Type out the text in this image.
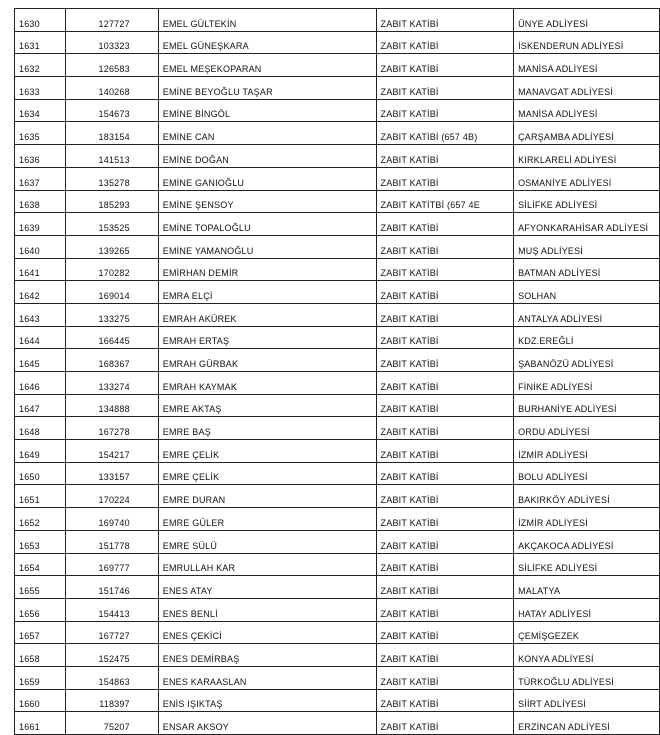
1630	127727	EMEL GÜLTEKİN	ZABIT KATİBİ	ÜNYE ADLİYESİ
1631	103323	EMEL GÜNEŞKARA	ZABIT KATİBİ	İSKENDERUN ADLİYESİ
1632	126583	EMEL MEŞEKOPARAN	ZABIT KATİBİ	MANİSA ADLİYESİ
1633	140268	EMİNE BEYOĞLU TAŞAR	ZABIT KATİBİ	MANAVGAT ADLİYESİ
1634	154673	EMİNE BİNGÖL	ZABIT KATİBİ	MANİSA ADLİYESİ
1635	183154	EMİNE CAN	ZABIT KATİBİ (657 4B)	ÇARŞAMBA ADLİYESİ
1636	141513	EMİNE DOĞAN	ZABIT KATİBİ	KIRKLARELİ ADLİYESİ
1637	135278	EMİNE GANIOĞLU	ZABIT KATİBİ	OSMANİYE ADLİYESİ
1638	185293	EMİNE ŞENSOY	ZABIT KATİTBİ (657 4E	SİLİFKE ADLİYESİ
1639	153525	EMİNE TOPALOĞLU	ZABIT KATİBİ	AFYONKARAHİSAR ADLİYESİ
1640	139265	EMİNE YAMANOĞLU	ZABIT KATİBİ	MUŞ ADLİYESİ
1641	170282	EMİRHAN DEMİR	ZABIT KATİBİ	BATMAN ADLİYESİ
1642	169014	EMRA ELÇİ	ZABIT KATİBİ	SOLHAN
1643	133275	EMRAH AKÜREK	ZABIT KATİBİ	ANTALYA ADLİYESİ
1644	166445	EMRAH ERTAŞ	ZABIT KATİBİ	KDZ.EREĞLİ
1645	168367	EMRAH GÜRBAK	ZABIT KATİBİ	ŞABANÖZÜ ADLİYESİ
1646	133274	EMRAH KAYMAK	ZABIT KATİBİ	FİNİKE ADLİYESİ
1647	134888	EMRE AKTAŞ	ZABIT KATİBİ	BURHANİYE ADLİYESİ
1648	167278	EMRE BAŞ	ZABIT KATİBİ	ORDU ADLİYESİ
1649	154217	EMRE ÇELİK	ZABIT KATİBİ	İZMİR ADLİYESİ
1650	133157	EMRE ÇELİK	ZABIT KATİBİ	BOLU ADLİYESİ
1651	170224	EMRE DURAN	ZABIT KATİBİ	BAKIRKÖY ADLİYESİ
1652	169740	EMRE GÜLER	ZABIT KATİBİ	İZMİR ADLİYESİ
1653	151778	EMRE SÜLÜ	ZABIT KATİBİ	AKÇAKOCA ADLİYESİ
1654	169777	EMRULLAH KAR	ZABIT KATİBİ	SİLİFKE ADLİYESİ
1655	151746	ENES ATAY	ZABIT KATİBİ	MALATYA
1656	154413	ENES BENLİ	ZABIT KATİBİ	HATAY ADLİYESİ
1657	167727	ENES ÇEKİCİ	ZABIT KATİBİ	ÇEMİŞGEZEK
1658	152475	ENES DEMİRBAŞ	ZABIT KATİBİ	KONYA ADLİYESİ
1659	154863	ENES KARAASLAN	ZABIT KATİBİ	TÜRKOĞLU ADLİYESİ
1660	118397	ENİS IŞIKTAŞ	ZABIT KATİBİ	SİİRT ADLİYESİ
1661	75207	ENSAR AKSOY	ZABIT KATİBİ	ERZİNCAN ADLİYESİ
